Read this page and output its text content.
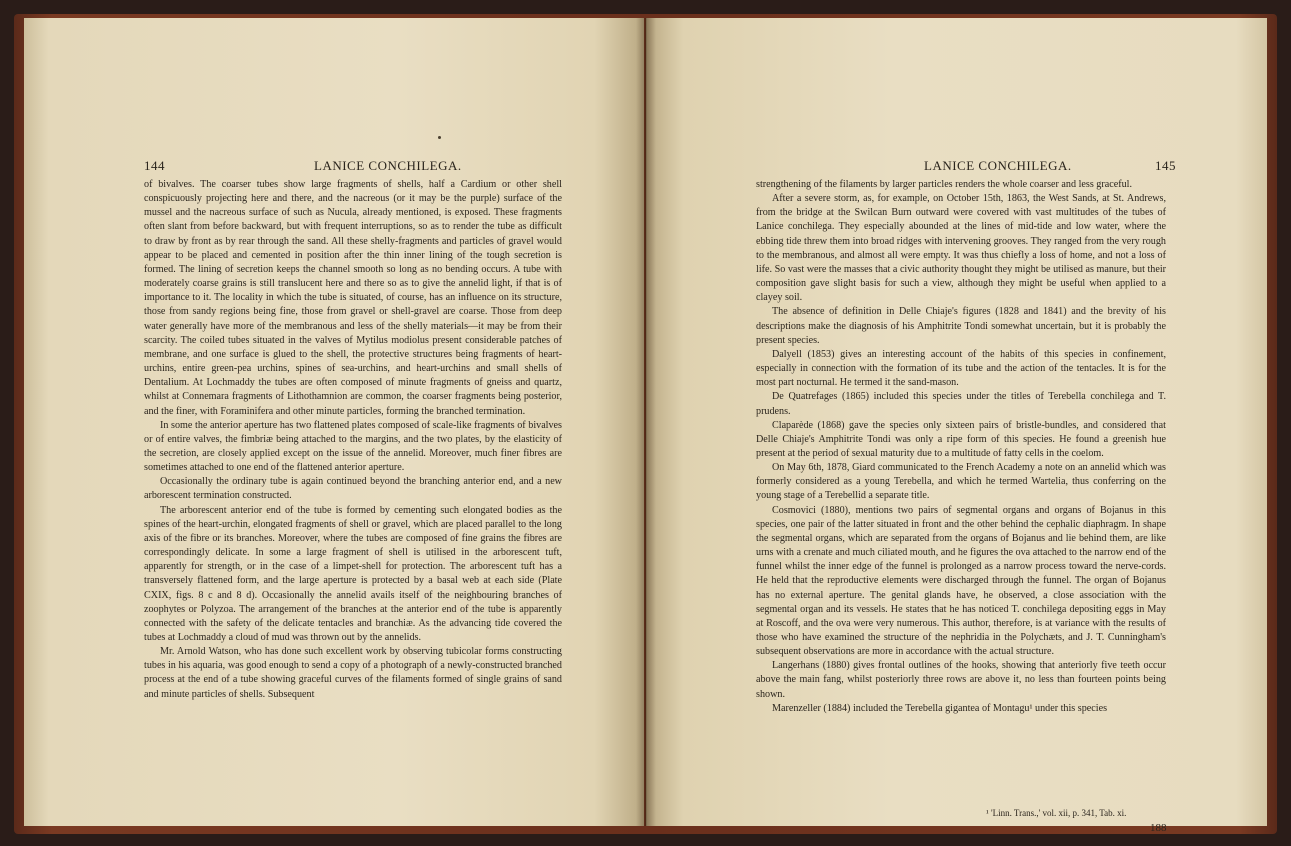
144	LANICE CONCHILEGA.

of bivalves. The coarser tubes show large fragments of shells, half a Cardium or other shell conspicuously projecting here and there, and the nacreous (or it may be the purple) surface of the mussel and the nacreous surface of such as Nucula, already mentioned, is exposed. These fragments often slant from before backward, but with frequent interruptions, so as to render the tube as difficult to draw by front as by rear through the sand. All these shelly-fragments and particles of gravel would appear to be placed and cemented in position after the thin inner lining of the tough secretion is formed. The lining of secretion keeps the channel smooth so long as no bending occurs. A tube with moderately coarse grains is still translucent here and there so as to give the annelid light, if that is of importance to it. The locality in which the tube is situated, of course, has an influence on its structure, those from sandy regions being fine, those from gravel or shell-gravel are coarse. Those from deep water generally have more of the membranous and less of the shelly materials—it may be from their scarcity. The coiled tubes situated in the valves of Mytilus modiolus present considerable patches of membrane, and one surface is glued to the shell, the protective structures being fragments of heart-urchins, entire green-pea urchins, spines of sea-urchins, and heart-urchins and small shells of Dentalium. At Lochmaddy the tubes are often composed of minute fragments of gneiss and quartz, whilst at Connemara fragments of Lithothamnion are common, the coarser fragments being posterior, and the finer, with Foraminifera and other minute particles, forming the branched termination.

In some the anterior aperture has two flattened plates composed of scale-like fragments of bivalves or of entire valves, the fimbriæ being attached to the margins, and the two plates, by the elasticity of the secretion, are closely applied except on the issue of the annelid. Moreover, much finer fibres are sometimes attached to one end of the flattened anterior aperture.

Occasionally the ordinary tube is again continued beyond the branching anterior end, and a new arborescent termination constructed.

The arborescent anterior end of the tube is formed by cementing such elongated bodies as the spines of the heart-urchin, elongated fragments of shell or gravel, which are placed parallel to the long axis of the fibre or its branches. Moreover, where the tubes are composed of fine grains the fibres are correspondingly delicate. In some a large fragment of shell is utilised in the arborescent tuft, apparently for strength, or in the case of a limpet-shell for protection. The arborescent tuft has a transversely flattened form, and the large aperture is protected by a basal web at each side (Plate CXIX, figs. 8 c and 8 d). Occasionally the annelid avails itself of the neighbouring branches of zoophytes or Polyzoa. The arrangement of the branches at the anterior end of the tube is apparently connected with the safety of the delicate tentacles and branchiæ. As the advancing tide covered the tubes at Lochmaddy a cloud of mud was thrown out by the annelids.

Mr. Arnold Watson, who has done such excellent work by observing tubicolar forms constructing tubes in his aquaria, was good enough to send a copy of a photograph of a newly-constructed branched process at the end of a tube showing graceful curves of the filaments formed of single grains of sand and minute particles of shells. Subsequent

LANICE CONCHILEGA.	145

strengthening of the filaments by larger particles renders the whole coarser and less graceful.

After a severe storm, as, for example, on October 15th, 1863, the West Sands, at St. Andrews, from the bridge at the Swilcan Burn outward were covered with vast multitudes of the tubes of Lanice conchilega. They especially abounded at the lines of mid-tide and low water, where the ebbing tide threw them into broad ridges with intervening grooves. They ranged from the very rough to the membranous, and almost all were empty. It was thus chiefly a loss of home, and not a loss of life. So vast were the masses that a civic authority thought they might be utilised as manure, but their composition gave slight basis for such a view, although they might be useful when applied to a clayey soil.

The absence of definition in Delle Chiaje's figures (1828 and 1841) and the brevity of his descriptions make the diagnosis of his Amphitrite Tondi somewhat uncertain, but it is probably the present species.

Dalyell (1853) gives an interesting account of the habits of this species in confinement, especially in connection with the formation of its tube and the action of the tentacles. It is for the most part nocturnal. He termed it the sand-mason.

De Quatrefages (1865) included this species under the titles of Terebella conchilega and T. prudens.

Claparède (1868) gave the species only sixteen pairs of bristle-bundles, and considered that Delle Chiaje's Amphitrite Tondi was only a ripe form of this species. He found a greenish hue present at the period of sexual maturity due to a multitude of fatty cells in the coelom.

On May 6th, 1878, Giard communicated to the French Academy a note on an annelid which was formerly considered as a young Terebella, and which he termed Wartelia, thus conferring on the young stage of a Terebellid a separate title.

Cosmovici (1880), mentions two pairs of segmental organs and organs of Bojanus in this species, one pair of the latter situated in front and the other behind the cephalic diaphragm. In shape the segmental organs, which are separated from the organs of Bojanus and lie behind them, are like urns with a crenate and much ciliated mouth, and he figures the ova attached to the narrow end of the funnel whilst the inner edge of the funnel is prolonged as a narrow process toward the nerve-cords. He held that the reproductive elements were discharged through the funnel. The organ of Bojanus has no external aperture. The genital glands have, he observed, a close association with the segmental organ and its vessels. He states that he has noticed T. conchilega depositing eggs in May at Roscoff, and the ova were very numerous. This author, therefore, is at variance with the results of those who have examined the structure of the nephridia in the Polychæts, and J. T. Cunningham's subsequent observations are more in accordance with the actual structure.

Langerhans (1880) gives frontal outlines of the hooks, showing that anteriorly five teeth occur above the main fang, whilst posteriorly three rows are above it, no less than fourteen points being shown.

Marenzeller (1884) included the Terebella gigantea of Montagu¹ under this species

¹ 'Linn. Trans.,' vol. xii, p. 341, Tab. xi.
188
